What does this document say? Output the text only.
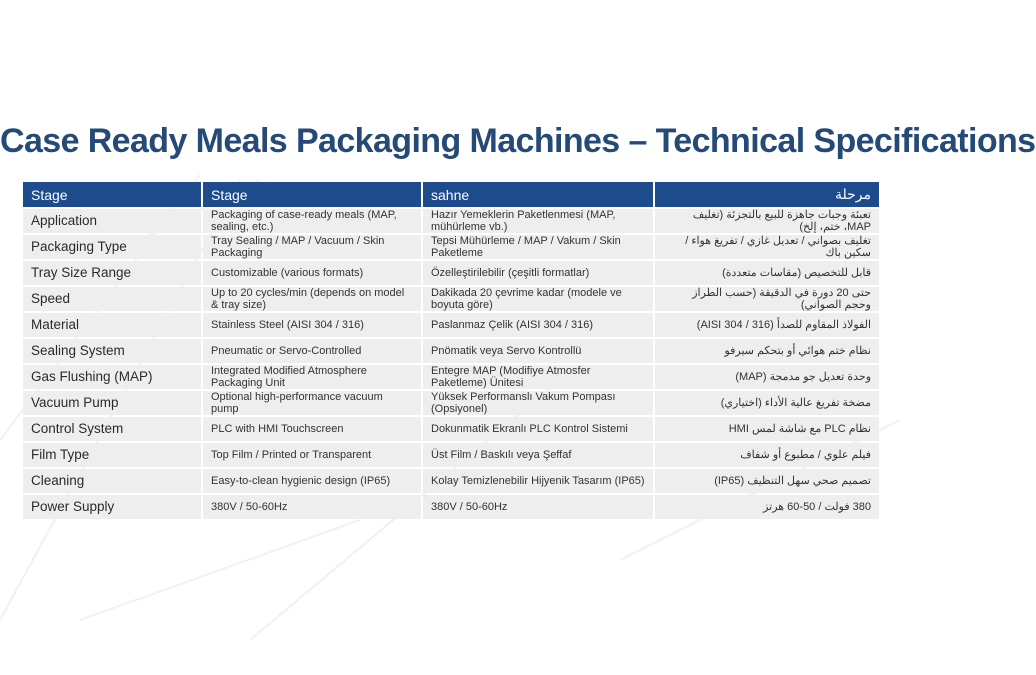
Case Ready Meals Packaging Machines – Technical Specifications
Stage	Stage	sahne	مرحلة
Application	Packaging of case-ready meals (MAP, sealing, etc.)	Hazır Yemeklerin Paketlenmesi (MAP, mühürleme vb.)	تعبئة وجبات جاهزة للبيع بالتجزئة (تغليف MAP، ختم، إلخ)
Packaging Type	Tray Sealing / MAP / Vacuum / Skin Packaging	Tepsi Mühürleme / MAP / Vakum / Skin Paketleme	تغليف بصواني / تعديل غازي / تفريغ هواء / سكين باك
Tray Size Range	Customizable (various formats)	Özelleştirilebilir (çeşitli formatlar)	قابل للتخصيص (مقاسات متعددة)
Speed	Up to 20 cycles/min (depends on model & tray size)	Dakikada 20 çevrime kadar (modele ve boyuta göre)	حتى 20 دورة في الدقيقة (حسب الطراز وحجم الصواني)
Material	Stainless Steel (AISI 304 / 316)	Paslanmaz Çelik (AISI 304 / 316)	الفولاذ المقاوم للصدأ (316 / AISI 304)
Sealing System	Pneumatic or Servo-Controlled	Pnömatik veya Servo Kontrollü	نظام ختم هوائي أو بتحكم سيرفو
Gas Flushing (MAP)	Integrated Modified Atmosphere Packaging Unit	Entegre MAP (Modifiye Atmosfer Paketleme) Ünitesi	وحدة تعديل جو مدمجة (MAP)
Vacuum Pump	Optional high-performance vacuum pump	Yüksek Performanslı Vakum Pompası (Opsiyonel)	مضخة تفريغ عالية الأداء (اختياري)
Control System	PLC with HMI Touchscreen	Dokunmatik Ekranlı PLC Kontrol Sistemi	نظام PLC مع شاشة لمس HMI
Film Type	Top Film / Printed or Transparent	Üst Film / Baskılı veya Şeffaf	فيلم علوي / مطبوع أو شفاف
Cleaning	Easy-to-clean hygienic design (IP65)	Kolay Temizlenebilir Hijyenik Tasarım (IP65)	تصميم صحي سهل التنظيف (IP65)
Power Supply	380V / 50-60Hz	380V / 50-60Hz	380 فولت / 50-60 هرتز
